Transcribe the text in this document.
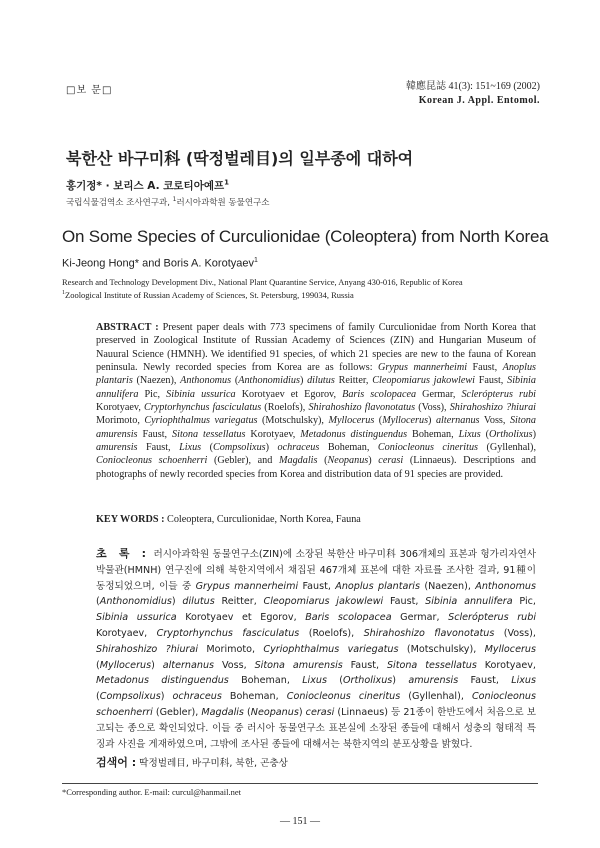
□보 문□	韓應昆誌 41(3): 151~169 (2002)
Korean J. Appl. Entomol.
북한산 바구미科 (딱정벌레目)의 일부종에 대하여
홍기정* · 보리스 A. 코로티아예프$^1$
국립식물검역소 조사연구과, $^1$러시아과학원 동물연구소
On Some Species of Curculionidae (Coleoptera) from North Korea
Ki-Jeong Hong* and Boris A. Korotyaev$^1$
Research and Technology Development Div., National Plant Quarantine Service, Anyang 430-016, Republic of Korea
$^1$Zoological Institute of Russian Academy of Sciences, St. Petersburg, 199034, Russia
ABSTRACT : Present paper deals with 773 specimens of family Curculionidae from North Korea that preserved in Zoological Institute of Russian Academy of Sciences (ZIN) and Hungarian Museum of Nauural Science (HMNH). We identified 91 species, of which 21 species are new to the fauna of Korean peninsula. Newly recorded species from Korea are as follows: Grypus mannerheimi Faust, Anoplus plantaris (Naezen), Anthonomus (Anthonomidius) dilutus Reitter, Cleopomiarus jakowlewi Faust, Sibinia annulifera Pic, Sibinia ussurica Korotyaev et Egorov, Baris scolopacea Germar, Sclerópterus rubi Korotyaev, Cryptorhynchus fasciculatus (Roelofs), Shirahoshizo flavonotatus (Voss), Shirahoshizo ?hiurai Morimoto, Cyriophthalmus variegatus (Motschulsky), Myllocerus (Myllocerus) alternanus Voss, Sitona amurensis Faust, Sitona tessellatus Korotyaev, Metadonus distinguendus Boheman, Lixus (Ortholixus) amurensis Faust, Lixus (Compsolixus) ochraceus Boheman, Coniocleonus cineritus (Gyllenhal), Coniocleonus schoenherri (Gebler), and Magdalis (Neopanus) cerasi (Linnaeus). Descriptions and photographs of newly recorded species from Korea and distribution data of 91 species are provided.
KEY WORDS : Coleoptera, Curculionidae, North Korea, Fauna
초 록 : 러시아과학원 동물연구소(ZIN)에 소장된 북한산 바구미科 306개체의 표본과 헝가리자연사박물관(HMNH) 연구진에 의해 북한지역에서 채집된 467개체 표본에 대한 자료를 조사한 결과, 91種이 동정되었으며, 이들 중 Grypus mannerheimi Faust, Anoplus plantaris (Naezen), Anthonomus (Anthonomidius) dilutus Reitter, Cleopomiarus jakowlewi Faust, Sibinia annulifera Pic, Sibinia ussurica Korotyaev et Egorov, Baris scolopacea Germar, Sclerópterus rubi Korotyaev, Cryptorhynchus fasciculatus (Roelofs), Shirahoshizo flavonotatus (Voss), Shirahoshizo ?hiurai Morimoto, Cyriophthalmus variegatus (Motschulsky), Myllocerus (Myllocerus) alternanus Voss, Sitona amurensis Faust, Sitona tessellatus Korotyaev, Metadonus distinguendus Boheman, Lixus (Ortholixus) amurensis Faust, Lixus (Compsolixus) ochraceus Boheman, Coniocleonus cineritus (Gyllenhal), Coniocleonus schoenherri (Gebler), Magdalis (Neopanus) cerasi (Linnaeus) 등 21종이 한반도에서 처음으로 보고되는 종으로 확인되었다. 이들 중 러시아 동물연구소 표본실에 소장된 종들에 대해서 성충의 형태적 특징과 사진을 게재하였으며, 그밖에 조사된 종들에 대해서는 북한지역의 분포상황을 밝혔다.
검색어 : 딱정벌레目, 바구미科, 북한, 곤충상
*Corresponding author. E-mail: curcul@hanmail.net
— 151 —
